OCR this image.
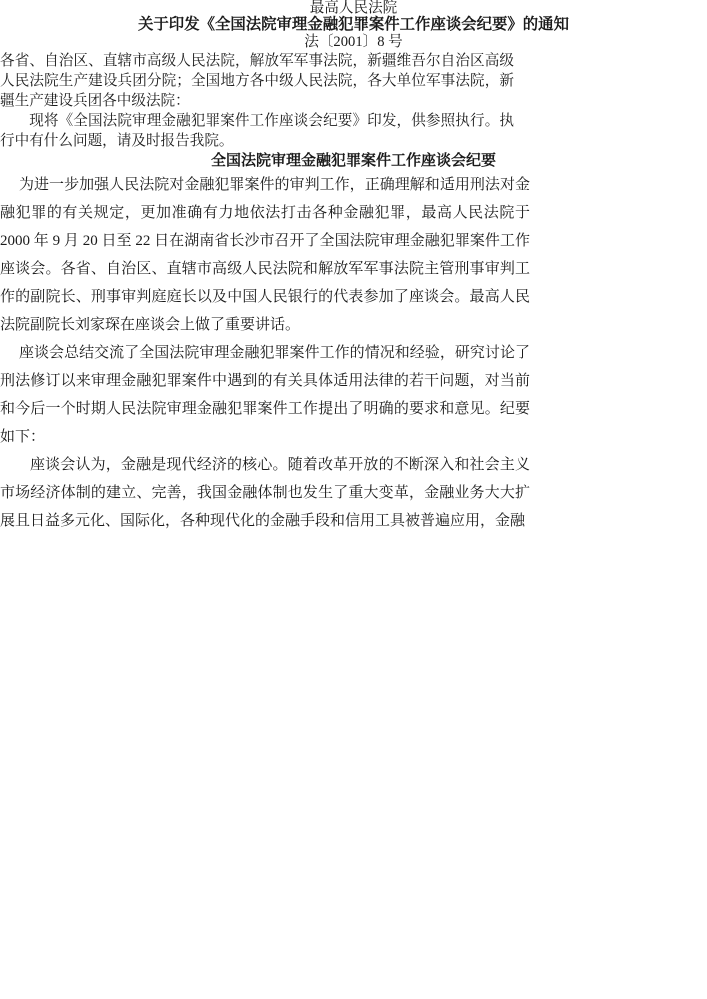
最高人民法院
关于印发《全国法院审理金融犯罪案件工作座谈会纪要》的通知
法〔2001〕8 号

各省、自治区、直辖市高级人民法院，解放军军事法院，新疆维吾尔自治区高级人民法院生产建设兵团分院；全国地方各中级人民法院，各大单位军事法院，新疆生产建设兵团各中级法院：

现将《全国法院审理金融犯罪案件工作座谈会纪要》印发，供参照执行。执行中有什么问题，请及时报告我院。

全国法院审理金融犯罪案件工作座谈会纪要

为进一步加强人民法院对金融犯罪案件的审判工作，正确理解和适用刑法对金融犯罪的有关规定，更加准确有力地依法打击各种金融犯罪，最高人民法院于 2000 年 9 月 20 日至 22 日在湖南省长沙市召开了全国法院审理金融犯罪案件工作座谈会。各省、自治区、直辖市高级人民法院和解放军军事法院主管刑事审判工作的副院长、刑事审判庭庭长以及中国人民银行的代表参加了座谈会。最高人民法院副院长刘家琛在座谈会上做了重要讲话。

座谈会总结交流了全国法院审理金融犯罪案件工作的情况和经验，研究讨论了刑法修订以来审理金融犯罪案件中遇到的有关具体适用法律的若干问题，对当前和今后一个时期人民法院审理金融犯罪案件工作提出了明确的要求和意见。纪要如下：

座谈会认为，金融是现代经济的核心。随着改革开放的不断深入和社会主义市场经济体制的建立、完善，我国金融体制也发生了重大变革，金融业务大大扩展且日益多元化、国际化，各种现代化的金融手段和信用工具被普遍应用，金融
